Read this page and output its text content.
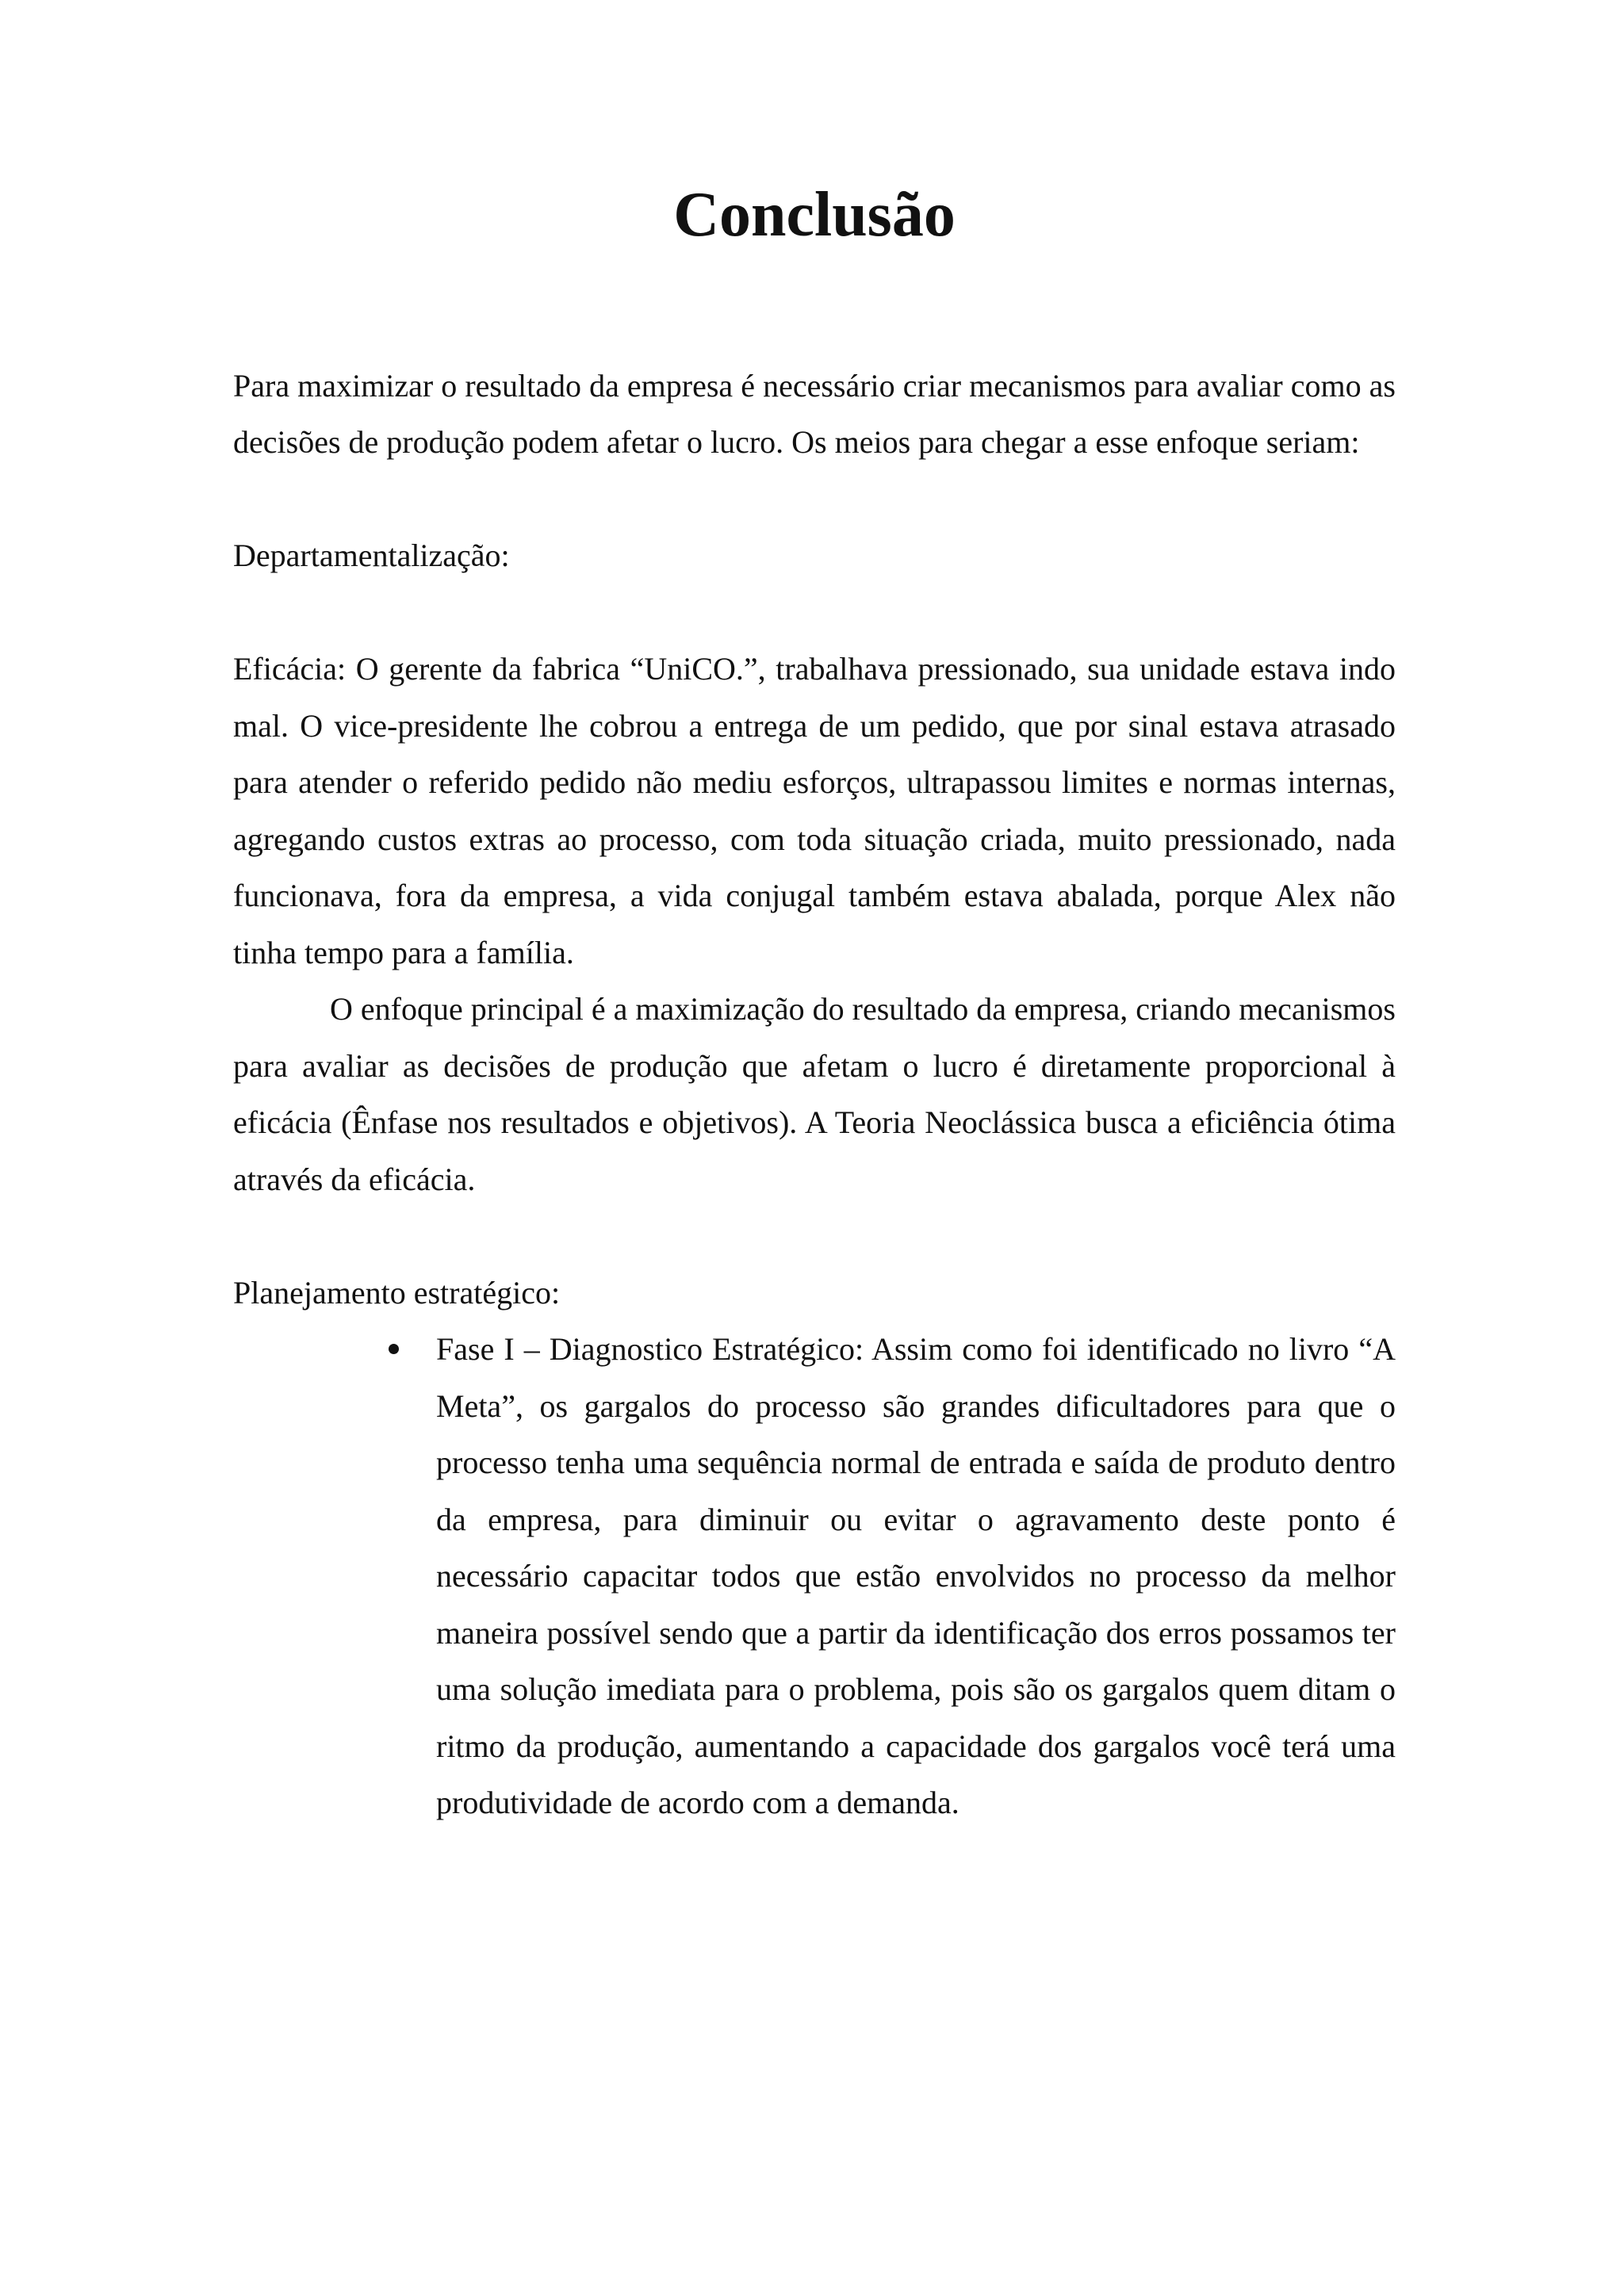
Conclusão

Para maximizar o resultado da empresa é necessário criar mecanismos para avaliar como as decisões de produção podem afetar o lucro. Os meios para chegar a esse enfoque seriam:

Departamentalização:

Eficácia: O gerente da fabrica “UniCO.”, trabalhava pressionado, sua unidade estava indo mal. O vice-presidente lhe cobrou a entrega de um pedido, que por sinal estava atrasado para atender o referido pedido não mediu esforços, ultrapassou limites e normas internas, agregando custos extras ao processo, com toda situação criada, muito pressionado, nada funcionava, fora da empresa, a vida conjugal também estava abalada, porque Alex não tinha tempo para a família.

O enfoque principal é a maximização do resultado da empresa, criando mecanismos para avaliar as decisões de produção que afetam o lucro é diretamente proporcional à eficácia (Ênfase nos resultados e objetivos). A Teoria Neoclássica busca a eficiência ótima através da eficácia.

Planejamento estratégico:

Fase I – Diagnostico Estratégico: Assim como foi identificado no livro “A Meta”, os gargalos do processo são grandes dificultadores para que o processo tenha uma sequência normal de entrada e saída de produto dentro da empresa, para diminuir ou evitar o agravamento deste ponto é necessário capacitar todos que estão envolvidos no processo da melhor maneira possível sendo que a partir da identificação dos erros possamos ter uma solução imediata para o problema, pois são os gargalos quem ditam o ritmo da produção, aumentando a capacidade dos gargalos você terá uma produtividade de acordo com a demanda.
